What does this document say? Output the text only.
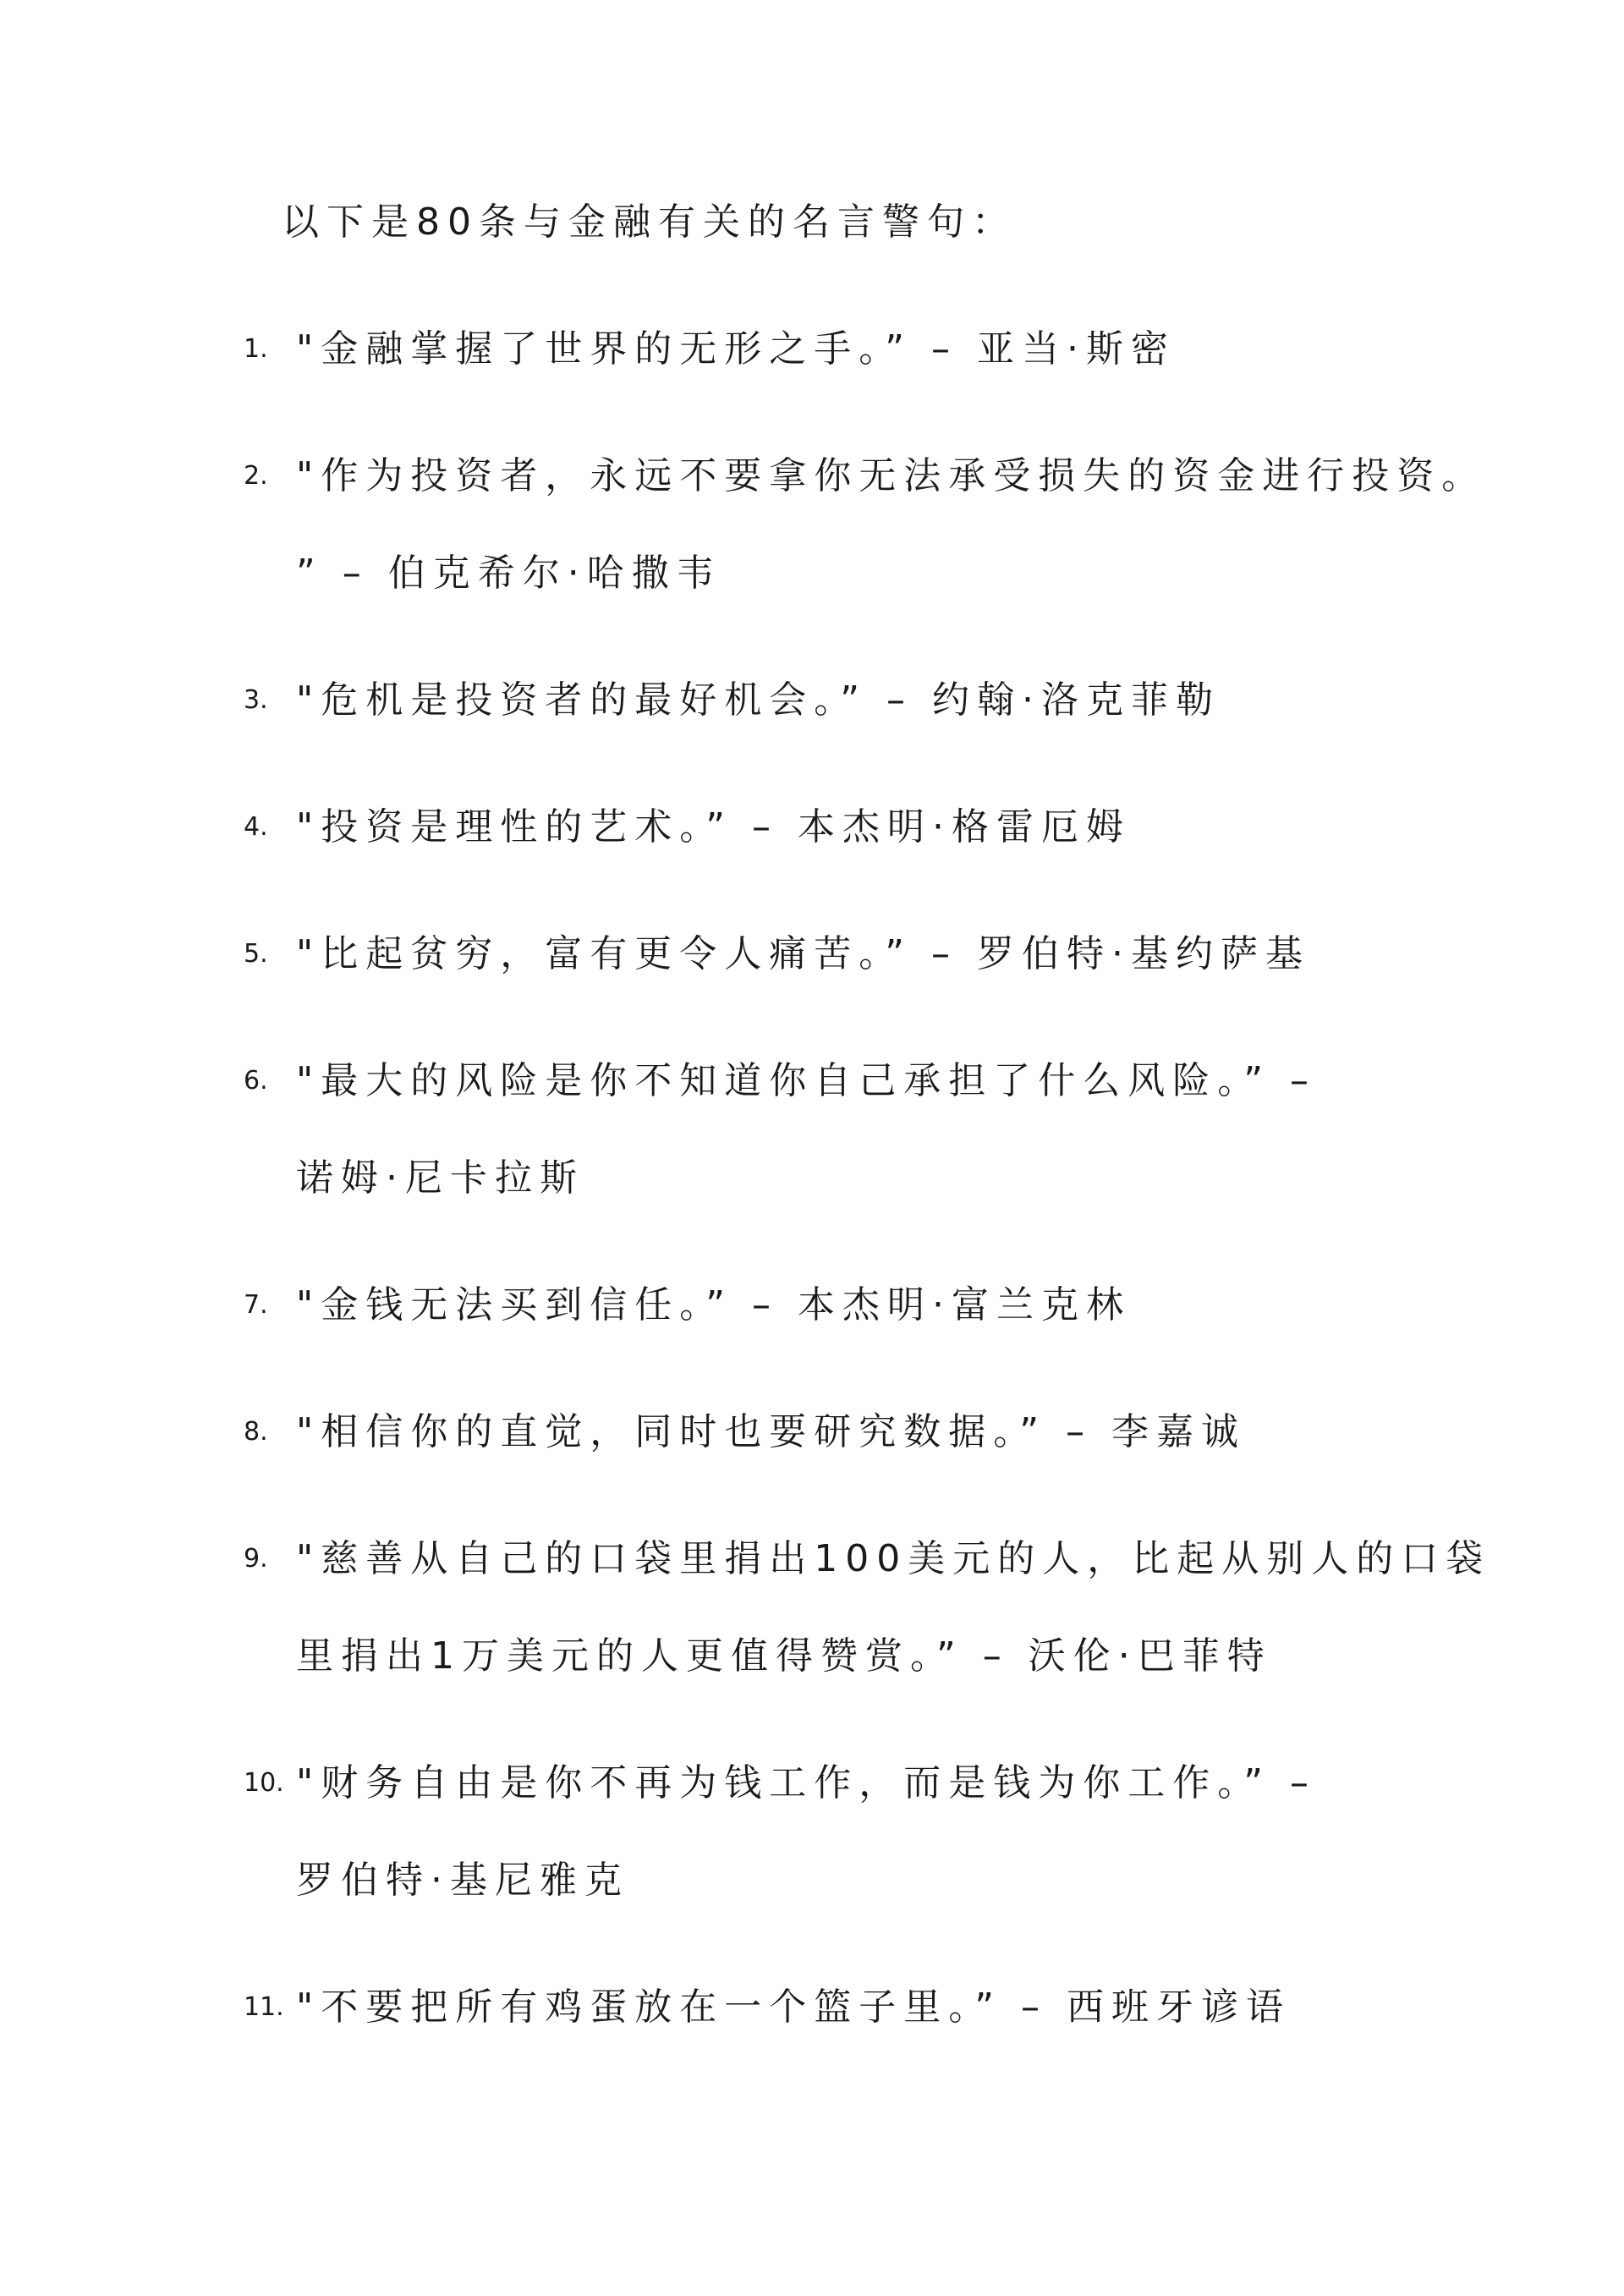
以下是80条与金融有关的名言警句：
1. "金融掌握了世界的无形之手。” – 亚当·斯密
2. "作为投资者，永远不要拿你无法承受损失的资金进行投资。
” – 伯克希尔·哈撒韦
3. "危机是投资者的最好机会。” – 约翰·洛克菲勒
4. "投资是理性的艺术。” – 本杰明·格雷厄姆
5. "比起贫穷，富有更令人痛苦。” – 罗伯特·基约萨基
6. "最大的风险是你不知道你自己承担了什么风险。” –
诺姆·尼卡拉斯
7. "金钱无法买到信任。” – 本杰明·富兰克林
8. "相信你的直觉，同时也要研究数据。” – 李嘉诚
9. "慈善从自己的口袋里捐出100美元的人，比起从别人的口袋
里捐出1万美元的人更值得赞赏。” – 沃伦·巴菲特
10. "财务自由是你不再为钱工作，而是钱为你工作。” –
罗伯特·基尼雅克
11. "不要把所有鸡蛋放在一个篮子里。” – 西班牙谚语
